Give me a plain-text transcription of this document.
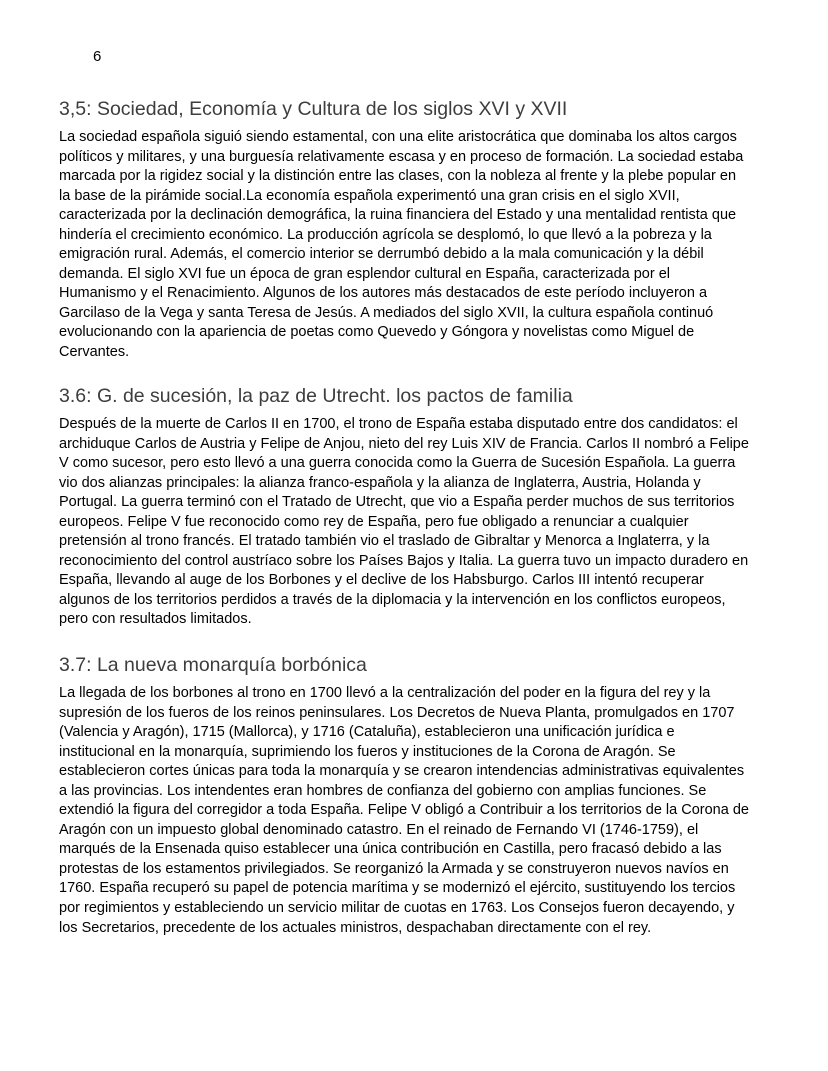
6
3,5: Sociedad, Economía y Cultura de los siglos XVI y XVII

La sociedad española siguió siendo estamental, con una elite aristocrática que dominaba los altos cargos políticos y militares, y una burguesía relativamente escasa y en proceso de formación. La sociedad estaba marcada por la rigidez social y la distinción entre las clases, con la nobleza al frente y la plebe popular en la base de la pirámide social.La economía española experimentó una gran crisis en el siglo XVII, caracterizada por la declinación demográfica, la ruina financiera del Estado y una mentalidad rentista que hindería el crecimiento económico. La producción agrícola se desplomó, lo que llevó a la pobreza y la emigración rural. Además, el comercio interior se derrumbó debido a la mala comunicación y la débil demanda. El siglo XVI fue un época de gran esplendor cultural en España, caracterizada por el Humanismo y el Renacimiento. Algunos de los autores más destacados de este período incluyeron a Garcilaso de la Vega y santa Teresa de Jesús. A mediados del siglo XVII, la cultura española continuó evolucionando con la apariencia de poetas como Quevedo y Góngora y novelistas como Miguel de Cervantes.

3.6: G. de sucesión, la paz de Utrecht. los pactos de familia

Después de la muerte de Carlos II en 1700, el trono de España estaba disputado entre dos candidatos: el archiduque Carlos de Austria y Felipe de Anjou, nieto del rey Luis XIV de Francia. Carlos II nombró a Felipe V como sucesor, pero esto llevó a una guerra conocida como la Guerra de Sucesión Española. La guerra vio dos alianzas principales: la alianza franco-española y la alianza de Inglaterra, Austria, Holanda y Portugal. La guerra terminó con el Tratado de Utrecht, que vio a España perder muchos de sus territorios europeos. Felipe V fue reconocido como rey de España, pero fue obligado a renunciar a cualquier pretensión al trono francés. El tratado también vio el traslado de Gibraltar y Menorca a Inglaterra, y la reconocimiento del control austríaco sobre los Países Bajos y Italia. La guerra tuvo un impacto duradero en España, llevando al auge de los Borbones y el declive de los Habsburgo. Carlos III intentó recuperar algunos de los territorios perdidos a través de la diplomacia y la intervención en los conflictos europeos, pero con resultados limitados.

3.7: La nueva monarquía borbónica

La llegada de los borbones al trono en 1700 llevó a la centralización del poder en la figura del rey y la supresión de los fueros de los reinos peninsulares. Los Decretos de Nueva Planta, promulgados en 1707 (Valencia y Aragón), 1715 (Mallorca), y 1716 (Cataluña), establecieron una unificación jurídica e institucional en la monarquía, suprimiendo los fueros y instituciones de la Corona de Aragón. Se establecieron cortes únicas para toda la monarquía y se crearon intendencias administrativas equivalentes a las provincias. Los intendentes eran hombres de confianza del gobierno con amplias funciones. Se extendió la figura del corregidor a toda España. Felipe V obligó a Contribuir a los territorios de la Corona de Aragón con un impuesto global denominado catastro. En el reinado de Fernando VI (1746-1759), el marqués de la Ensenada quiso establecer una única contribución en Castilla, pero fracasó debido a las protestas de los estamentos privilegiados. Se reorganizó la Armada y se construyeron nuevos navíos en 1760. España recuperó su papel de potencia marítima y se modernizó el ejército, sustituyendo los tercios por regimientos y estableciendo un servicio militar de cuotas en 1763. Los Consejos fueron decayendo, y los Secretarios, precedente de los actuales ministros, despachaban directamente con el rey.
